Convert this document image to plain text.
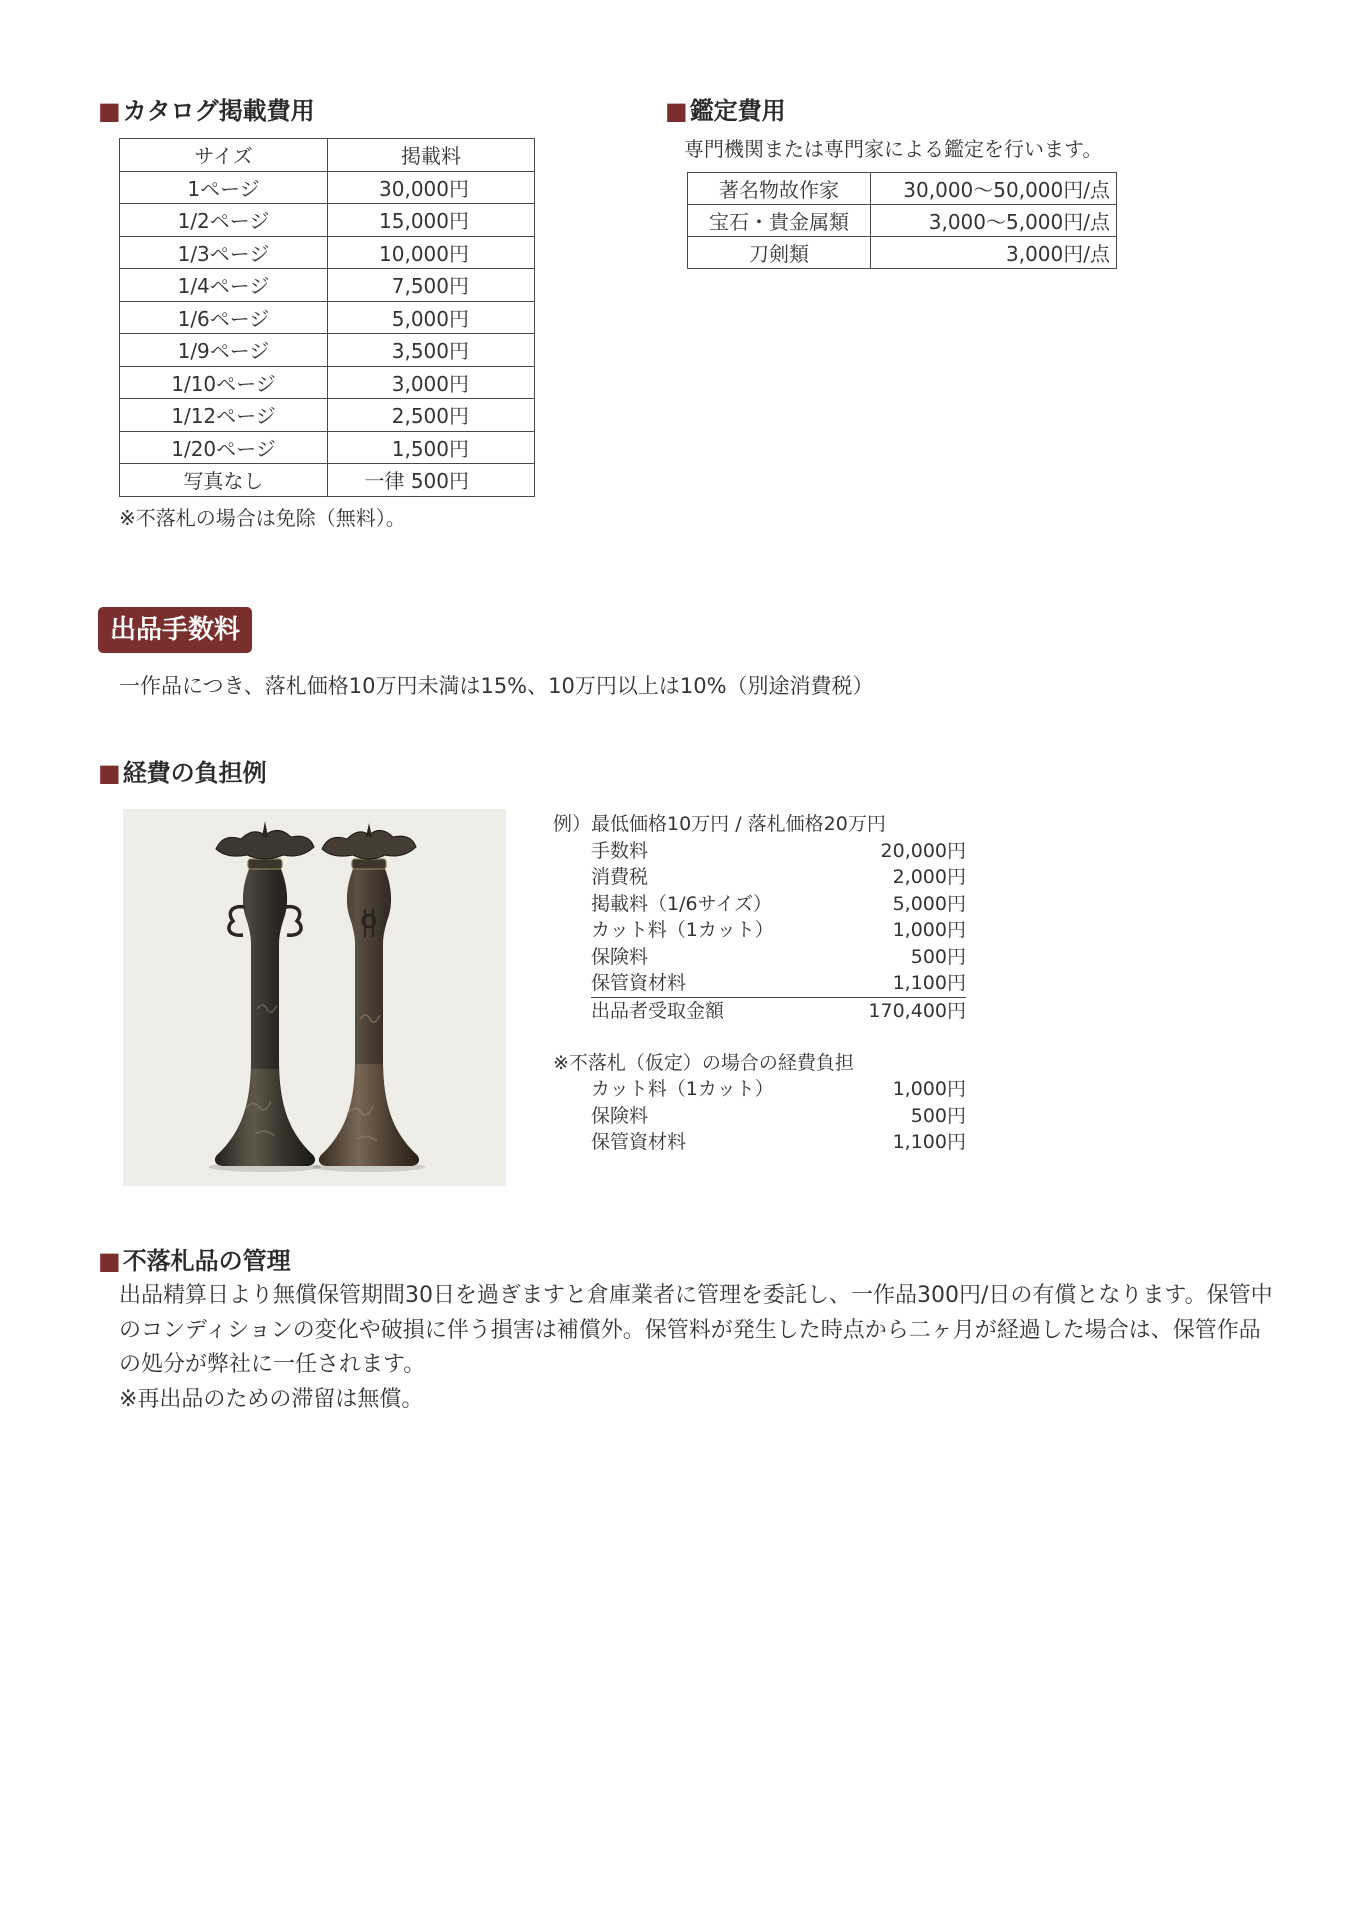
■カタログ掲載費用
サイズ	掲載料
1ページ	30,000円
1/2ページ	15,000円
1/3ページ	10,000円
1/4ページ	7,500円
1/6ページ	5,000円
1/9ページ	3,500円
1/10ページ	3,000円
1/12ページ	2,500円
1/20ページ	1,500円
写真なし	一律 500円
※不落札の場合は免除（無料）。
■鑑定費用
専門機関または専門家による鑑定を行います。
著名物故作家	30,000〜50,000円/点
宝石・貴金属類	3,000〜5,000円/点
刀剣類	3,000円/点
出品手数料
一作品につき、落札価格10万円未満は15%、10万円以上は10%（別途消費税）
■経費の負担例
例）最低価格10万円 / 落札価格20万円
手数料	20,000円
消費税	2,000円
掲載料（1/6サイズ）	5,000円
カット料（1カット）	1,000円
保険料	500円
保管資材料	1,100円
出品者受取金額	170,400円
※不落札（仮定）の場合の経費負担
カット料（1カット）	1,000円
保険料	500円
保管資材料	1,100円
■不落札品の管理
出品精算日より無償保管期間30日を過ぎますと倉庫業者に管理を委託し、一作品300円/日の有償となります。保管中
のコンディションの変化や破損に伴う損害は補償外。保管料が発生した時点から二ヶ月が経過した場合は、保管作品
の処分が弊社に一任されます。
※再出品のための滞留は無償。
